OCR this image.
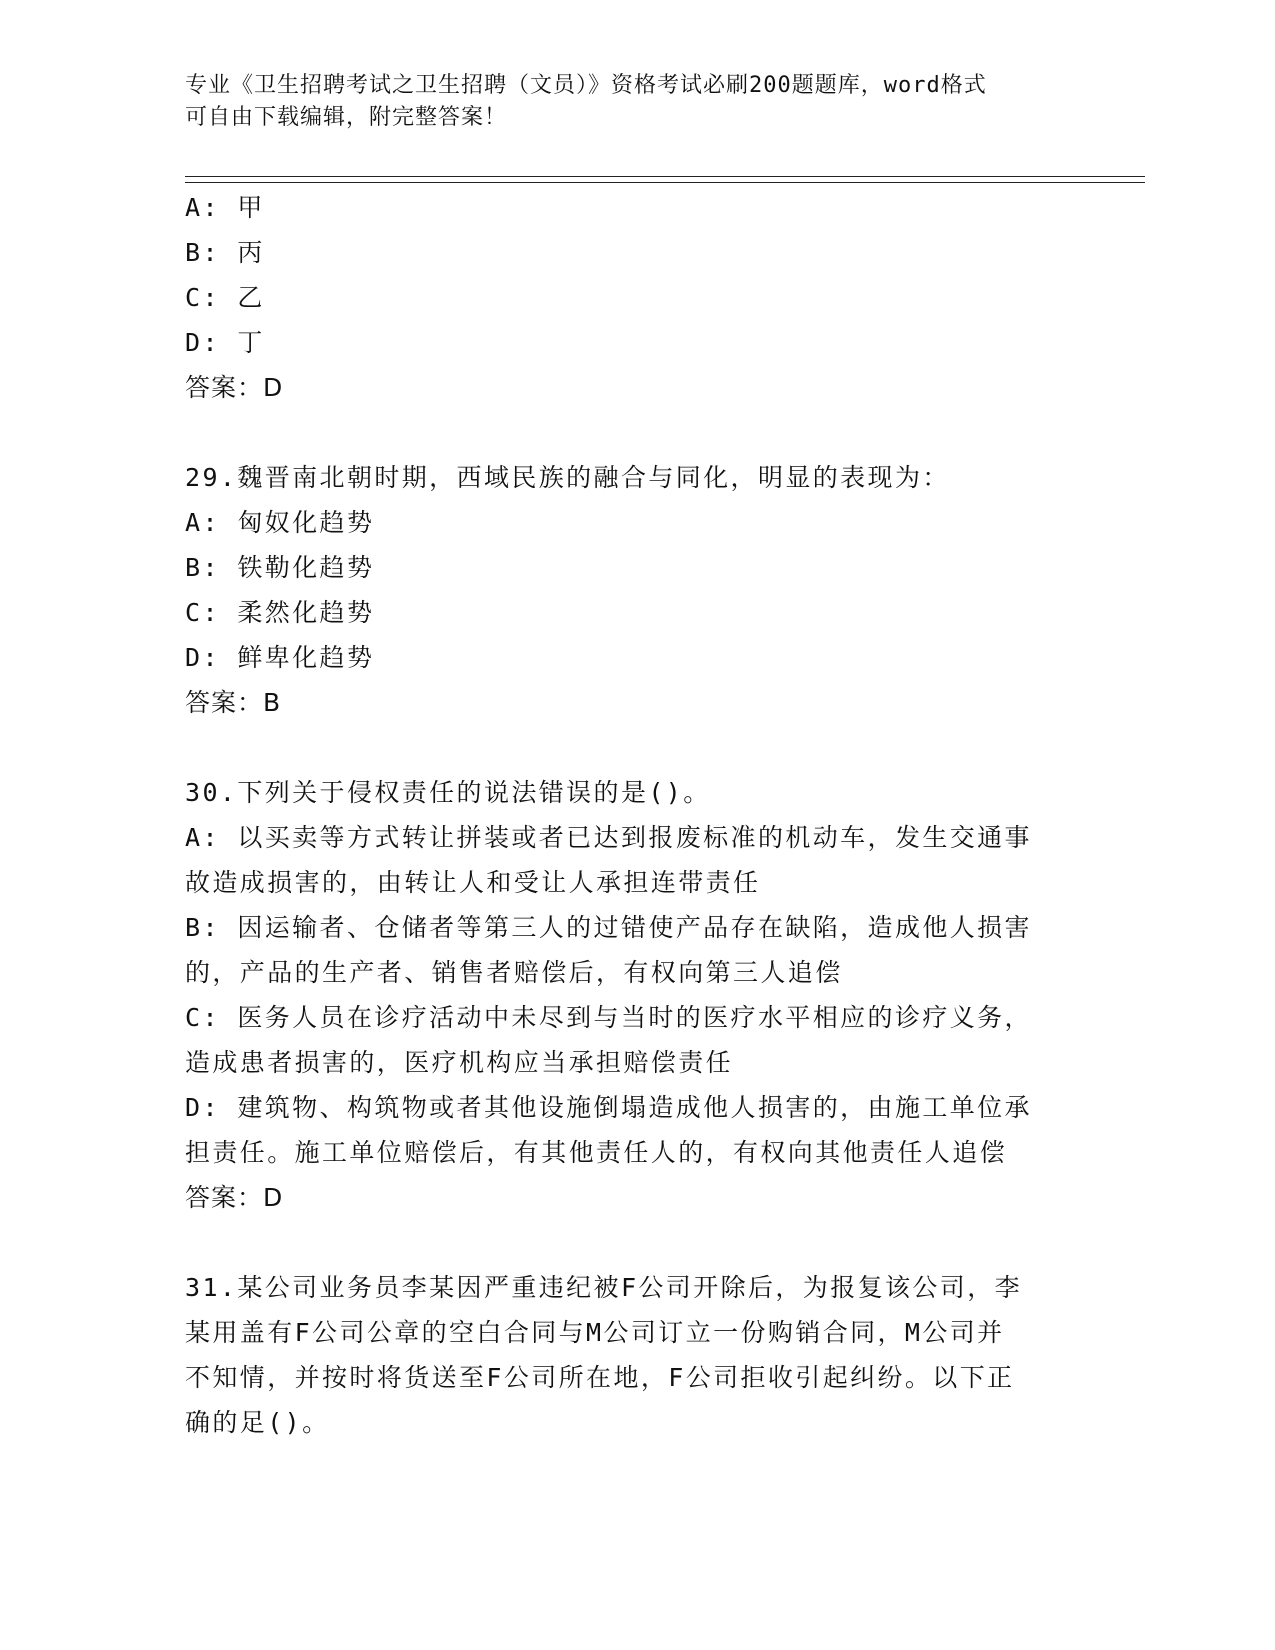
专业《卫生招聘考试之卫生招聘（文员）》资格考试必刷200题题库，word格式
可自由下载编辑，附完整答案！
A: 甲
B: 丙
C: 乙
D: 丁
答案：D
29.魏晋南北朝时期，西域民族的融合与同化，明显的表现为：
A: 匈奴化趋势
B: 铁勒化趋势
C: 柔然化趋势
D: 鲜卑化趋势
答案：B
30.下列关于侵权责任的说法错误的是()。
A: 以买卖等方式转让拼装或者已达到报废标准的机动车，发生交通事
故造成损害的，由转让人和受让人承担连带责任
B: 因运输者、仓储者等第三人的过错使产品存在缺陷，造成他人损害
的，产品的生产者、销售者赔偿后，有权向第三人追偿
C: 医务人员在诊疗活动中未尽到与当时的医疗水平相应的诊疗义务，
造成患者损害的，医疗机构应当承担赔偿责任
D: 建筑物、构筑物或者其他设施倒塌造成他人损害的，由施工单位承
担责任。施工单位赔偿后，有其他责任人的，有权向其他责任人追偿
答案：D
31.某公司业务员李某因严重违纪被F公司开除后，为报复该公司，李
某用盖有F公司公章的空白合同与M公司订立一份购销合同，M公司并
不知情，并按时将货送至F公司所在地，F公司拒收引起纠纷。以下正
确的足()。
